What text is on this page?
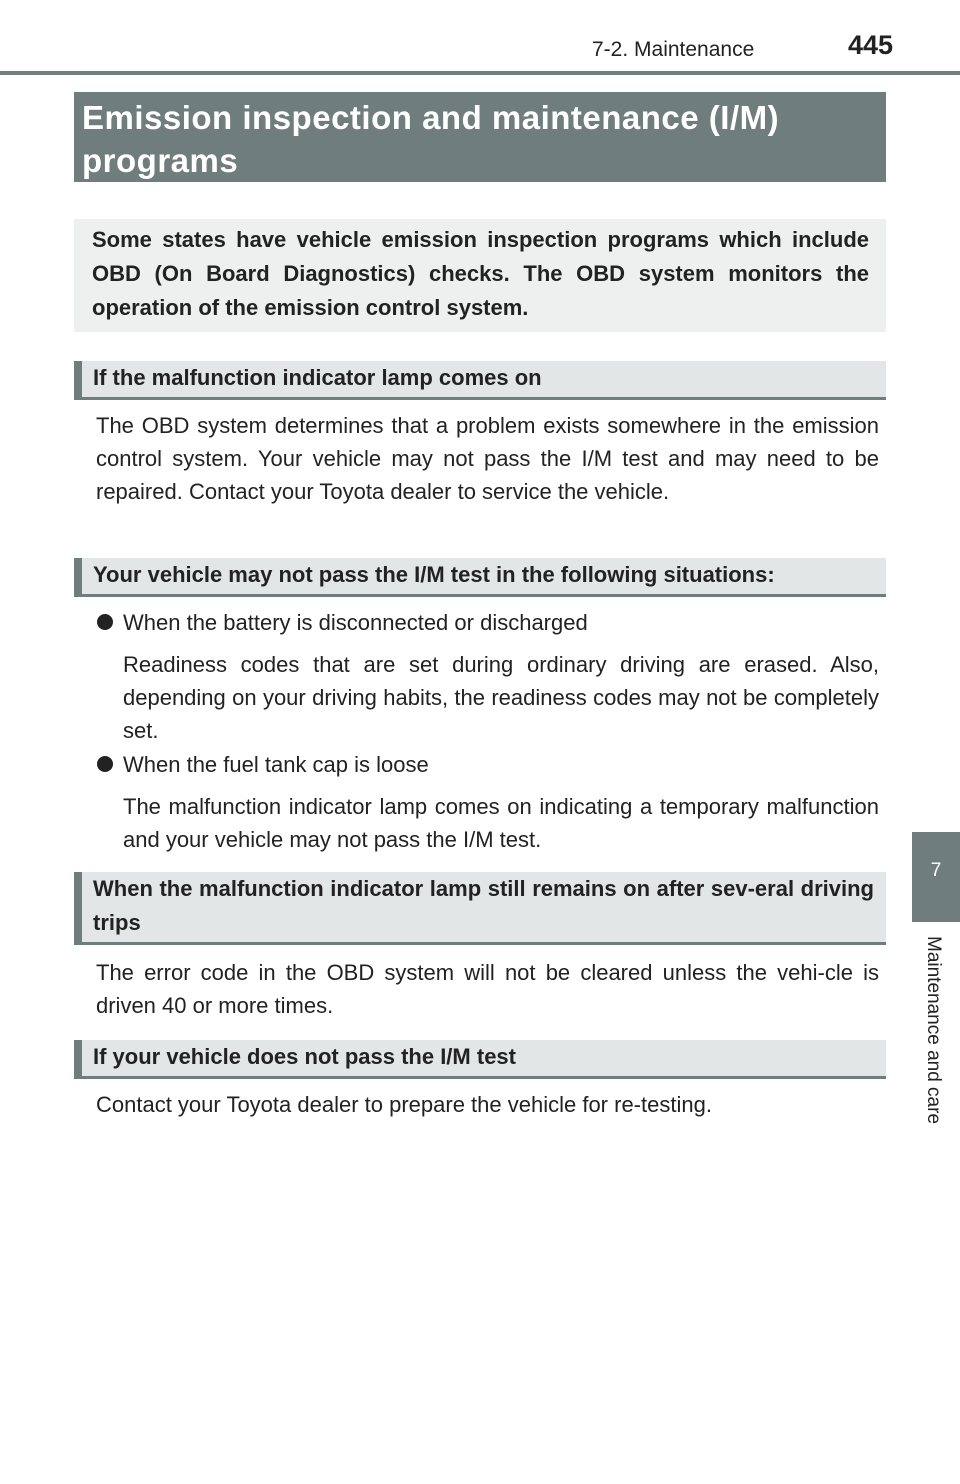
7-2. Maintenance	445
7
Maintenance and care
Emission inspection and maintenance (I/M) programs

Some states have vehicle emission inspection programs which include OBD (On Board Diagnostics) checks. The OBD system monitors the operation of the emission control system.

If the malfunction indicator lamp comes on

The OBD system determines that a problem exists somewhere in the emission control system. Your vehicle may not pass the I/M test and may need to be repaired. Contact your Toyota dealer to service the vehicle.

Your vehicle may not pass the I/M test in the following situations:

When the battery is disconnected or discharged

Readiness codes that are set during ordinary driving are erased. Also, depending on your driving habits, the readiness codes may not be completely set.

When the fuel tank cap is loose

The malfunction indicator lamp comes on indicating a temporary malfunction and your vehicle may not pass the I/M test.

When the malfunction indicator lamp still remains on after sev-eral driving trips

The error code in the OBD system will not be cleared unless the vehi-cle is driven 40 or more times.

If your vehicle does not pass the I/M test

Contact your Toyota dealer to prepare the vehicle for re-testing.
